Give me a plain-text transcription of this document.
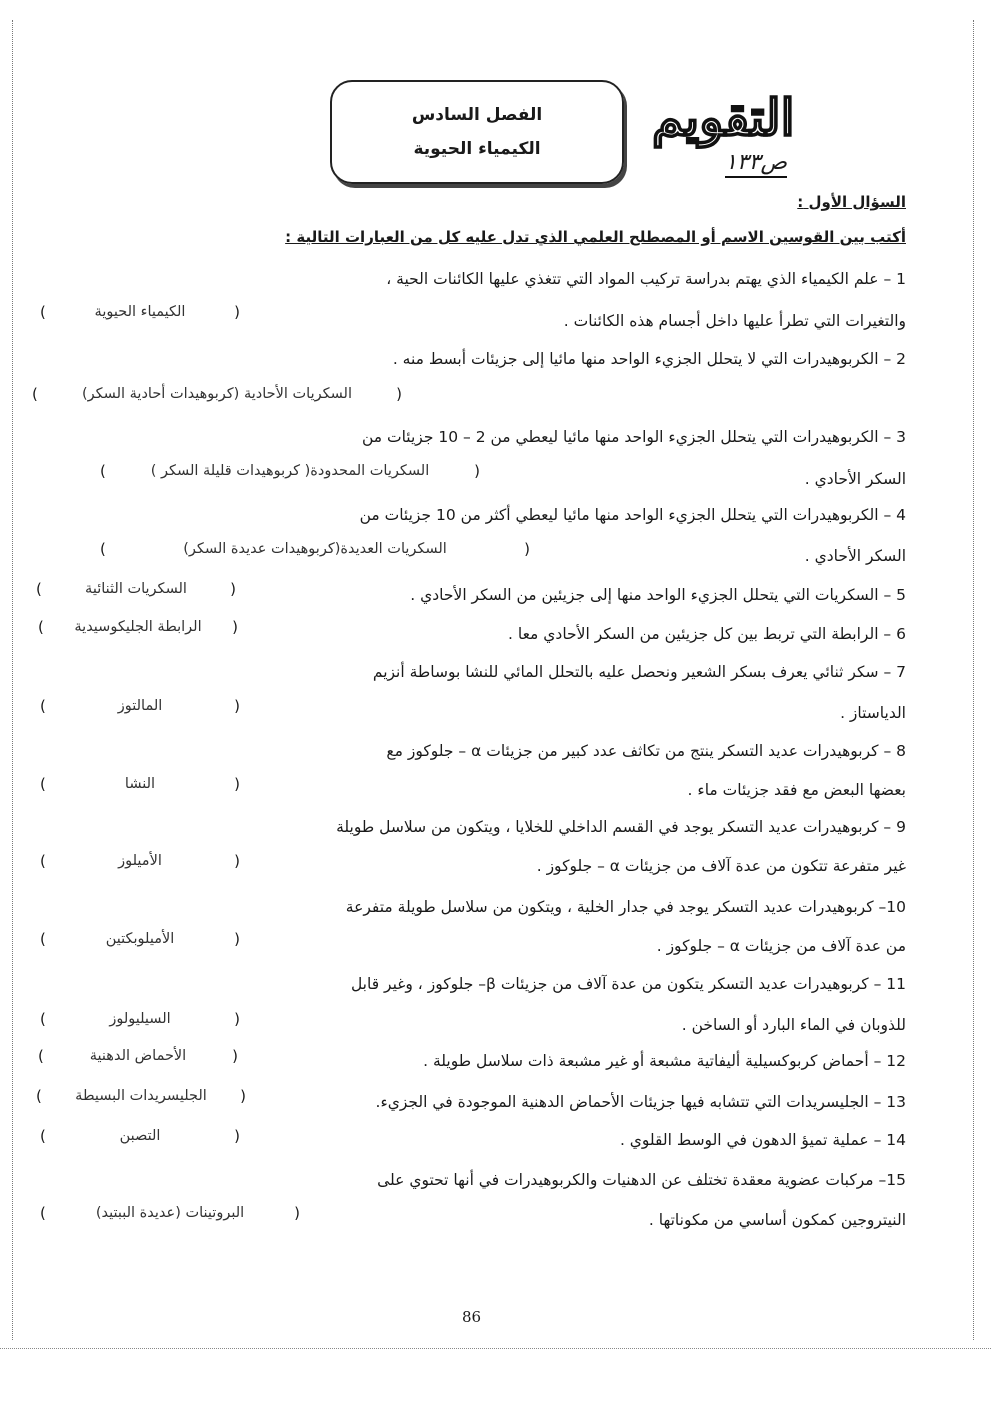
التقويم
ص١٣٣
الفصل السادس
الكيمياء الحيوية
السؤال الأول :
أكتب بين القوسين الاسم أو المصطلح العلمي الذي تدل عليه كل من العبارات التالية :
1 – علم الكيمياء الذي يهتم بدراسة تركيب المواد التي تتغذي عليها الكائنات الحية ،
والتغيرات التي تطرأ عليها داخل أجسام هذه الكائنات .
(
الكيمياء الحيوية
)
2 – الكربوهيدرات التي لا يتحلل الجزيء الواحد منها مائيا إلى جزيئات أبسط منه .
(
السكريات الأحادية (كربوهيدات أحادية السكر)
)
3 – الكربوهيدرات التي يتحلل الجزيء الواحد منها مائيا ليعطي من 2 – 10 جزيئات من
السكر الأحادي .
(
السكريات المحدودة( كربوهيدات قليلة السكر )
)
4 – الكربوهيدرات التي يتحلل الجزيء الواحد منها مائيا ليعطي أكثر من 10 جزيئات من
السكر الأحادي .
(
السكريات العديدة(كربوهيدات عديدة السكر)
)
5 – السكريات التي يتحلل الجزيء الواحد منها إلى جزيئين من السكر الأحادي .
(
السكريات الثنائية
)
6 – الرابطة التي تربط بين كل جزيئين من السكر الأحادي معا .
(
الرابطة الجليكوسيدية
)
7 – سكر ثنائي يعرف بسكر الشعير ونحصل عليه بالتحلل المائي للنشا بوساطة أنزيم
الدياستاز .
(
المالتوز
)
8 – كربوهيدرات عديد التسكر ينتج من تكاثف عدد كبير من جزيئات α – جلوكوز مع
بعضها البعض مع فقد جزيئات ماء .
(
النشا
)
9 – كربوهيدرات عديد التسكر يوجد في القسم الداخلي للخلايا ، ويتكون من سلاسل طويلة
غير متفرعة تتكون من عدة آلاف من جزيئات α – جلوكوز .
(
الأميلوز
)
10– كربوهيدرات عديد التسكر يوجد في جدار الخلية ، ويتكون من سلاسل طويلة متفرعة
من عدة آلاف من جزيئات α – جلوكوز .
(
الأميلوبكتين
)
11 – كربوهيدرات عديد التسكر يتكون من عدة آلاف من جزيئات β– جلوكوز ، وغير قابل
للذوبان في الماء البارد أو الساخن .
(
السيليولوز
)
12 – أحماض كربوكسيلية أليفاتية مشبعة أو غير مشبعة ذات سلاسل طويلة .
(
الأحماض الدهنية
)
13 – الجليسريدات التي تتشابه فيها جزيئات الأحماض الدهنية الموجودة في الجزيء.
(
الجليسريدات البسيطة
)
14 – عملية تميؤ الدهون في الوسط القلوي .
(
التصبن
)
15– مركبات عضوية معقدة تختلف عن الدهنيات والكربوهيدرات في أنها تحتوي على
النيتروجين كمكون أساسي من مكوناتها .
(
البروتينات (عديدة الببتيد)
)
86
